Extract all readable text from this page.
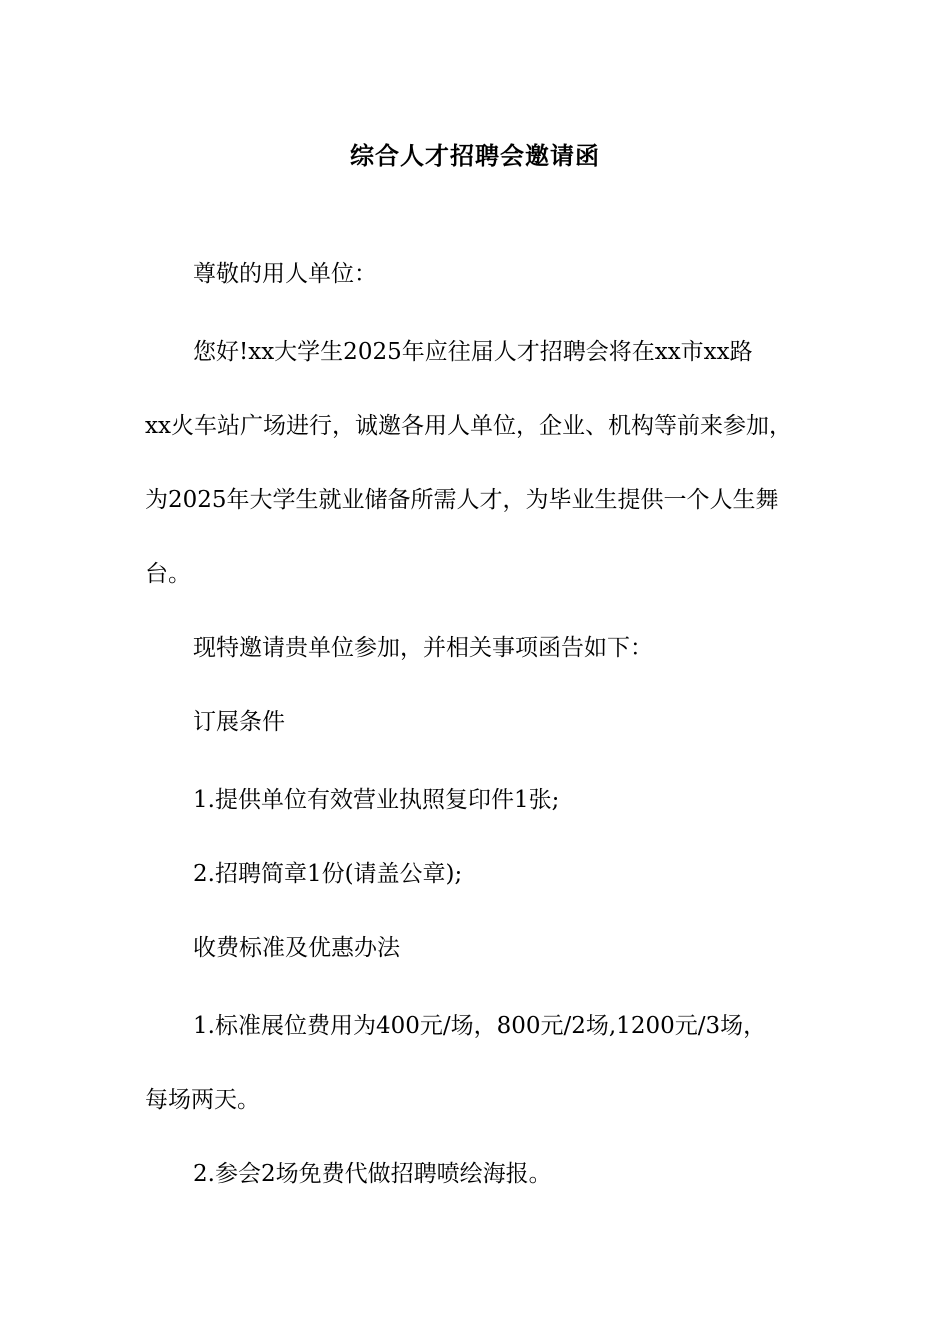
综合人才招聘会邀请函
尊敬的用人单位：
您好!xx大学生2025年应往届人才招聘会将在xx市xx路
xx火车站广场进行，诚邀各用人单位，企业、机构等前来参加，
为2025年大学生就业储备所需人才，为毕业生提供一个人生舞
台。
现特邀请贵单位参加，并相关事项函告如下：
订展条件
1.提供单位有效营业执照复印件1张;
2.招聘简章1份(请盖公章);
收费标准及优惠办法
1.标准展位费用为400元/场，800元/2场,1200元/3场，
每场两天。
2.参会2场免费代做招聘喷绘海报。
